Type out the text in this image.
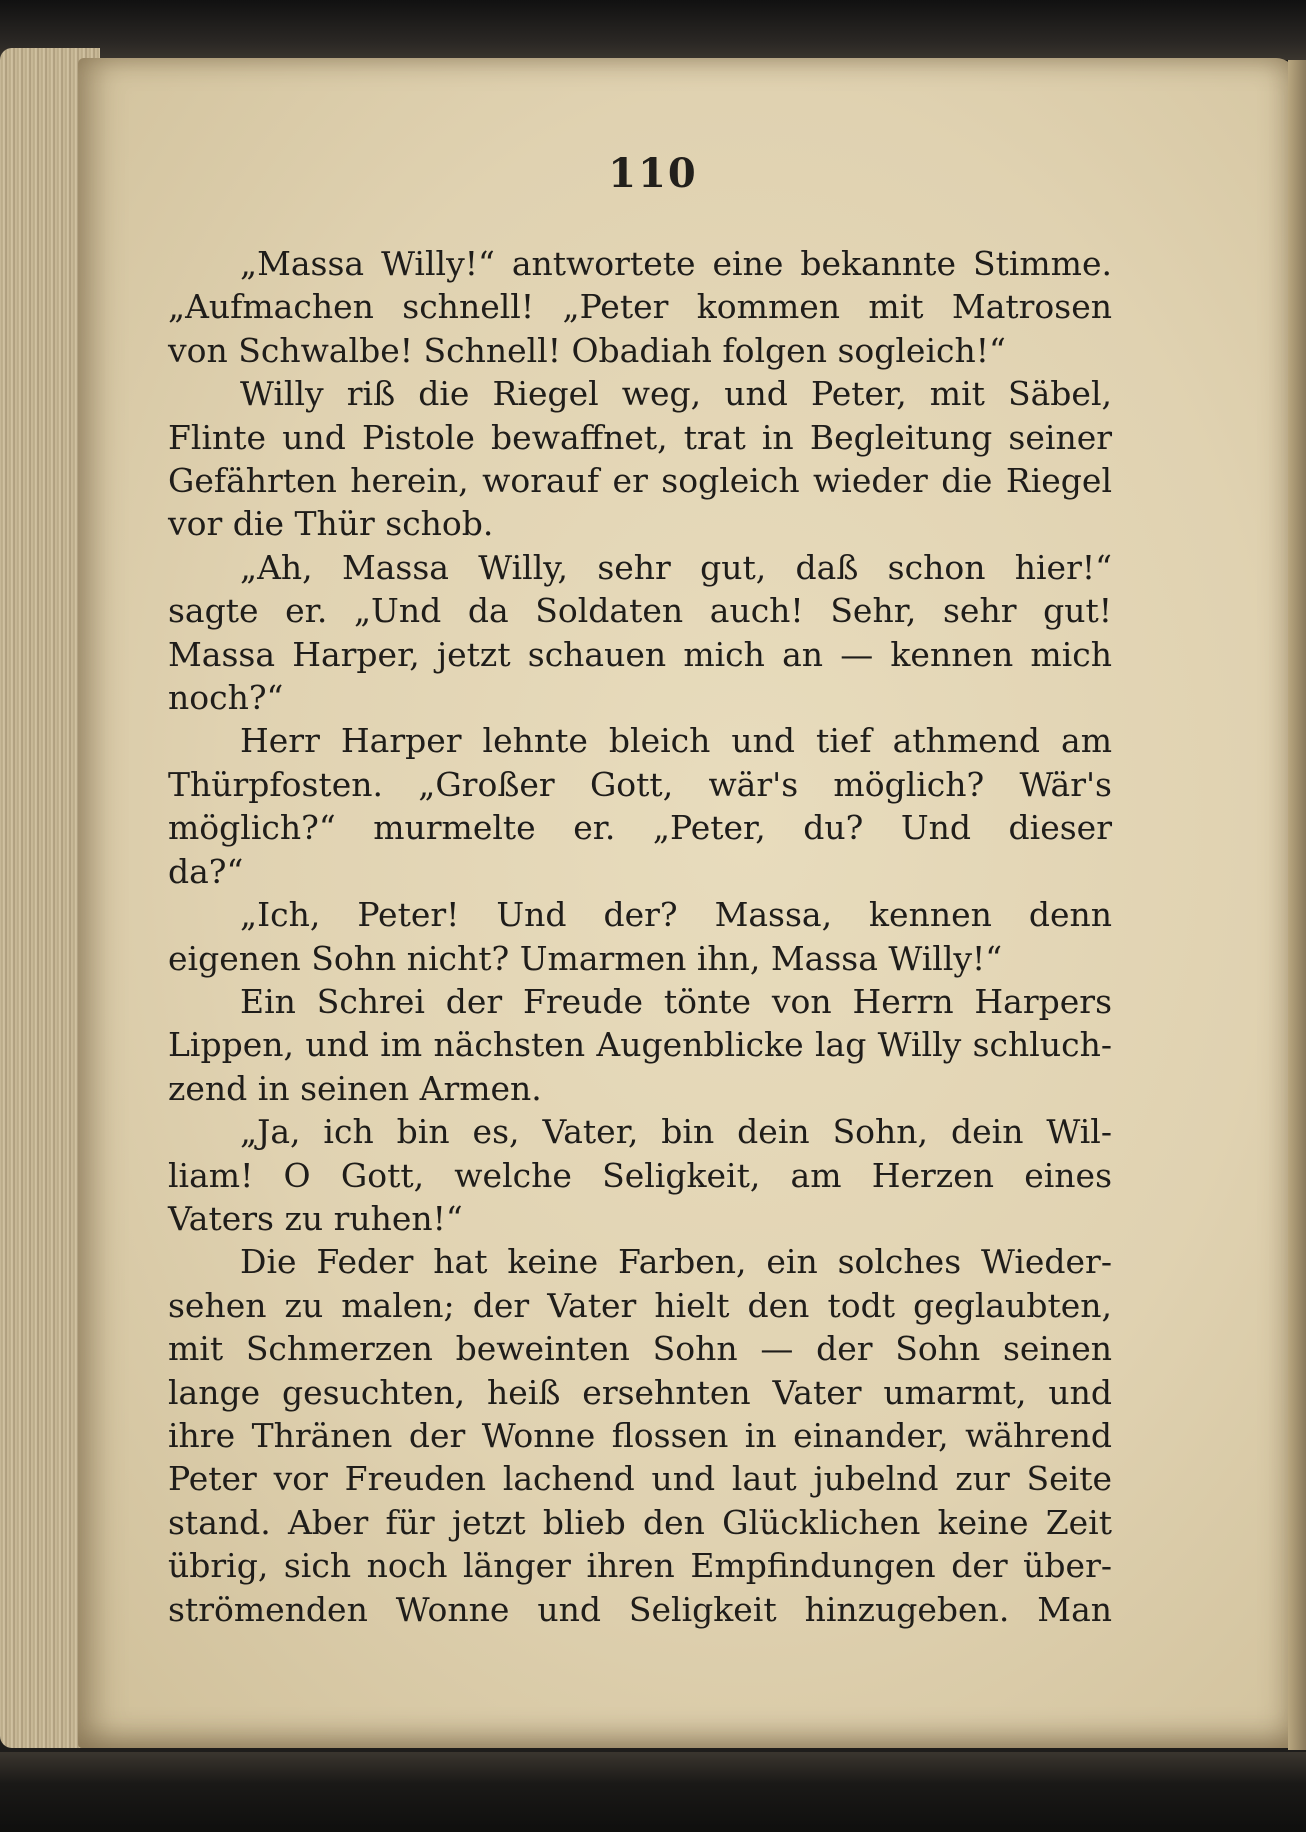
110
„Massa Willy!“ antwortete eine bekannte Stimme.
„Aufmachen schnell! „Peter kommen mit Matrosen
von Schwalbe! Schnell! Obadiah folgen sogleich!“
Willy riß die Riegel weg, und Peter, mit Säbel,
Flinte und Pistole bewaffnet, trat in Begleitung seiner
Gefährten herein, worauf er sogleich wieder die Riegel
vor die Thür schob.
„Ah, Massa Willy, sehr gut, daß schon hier!“
sagte er. „Und da Soldaten auch! Sehr, sehr gut!
Massa Harper, jetzt schauen mich an — kennen mich
noch?“
Herr Harper lehnte bleich und tief athmend am
Thürpfosten. „Großer Gott, wär's möglich? Wär's
möglich?“ murmelte er. „Peter, du? Und dieser
da?“
„Ich, Peter! Und der? Massa, kennen denn
eigenen Sohn nicht? Umarmen ihn, Massa Willy!“
Ein Schrei der Freude tönte von Herrn Harpers
Lippen, und im nächsten Augenblicke lag Willy schluch-
zend in seinen Armen.
„Ja, ich bin es, Vater, bin dein Sohn, dein Wil-
liam! O Gott, welche Seligkeit, am Herzen eines
Vaters zu ruhen!“
Die Feder hat keine Farben, ein solches Wieder-
sehen zu malen; der Vater hielt den todt geglaubten,
mit Schmerzen beweinten Sohn — der Sohn seinen
lange gesuchten, heiß ersehnten Vater umarmt, und
ihre Thränen der Wonne flossen in einander, während
Peter vor Freuden lachend und laut jubelnd zur Seite
stand. Aber für jetzt blieb den Glücklichen keine Zeit
übrig, sich noch länger ihren Empfindungen der über-
strömenden Wonne und Seligkeit hinzugeben. Man
